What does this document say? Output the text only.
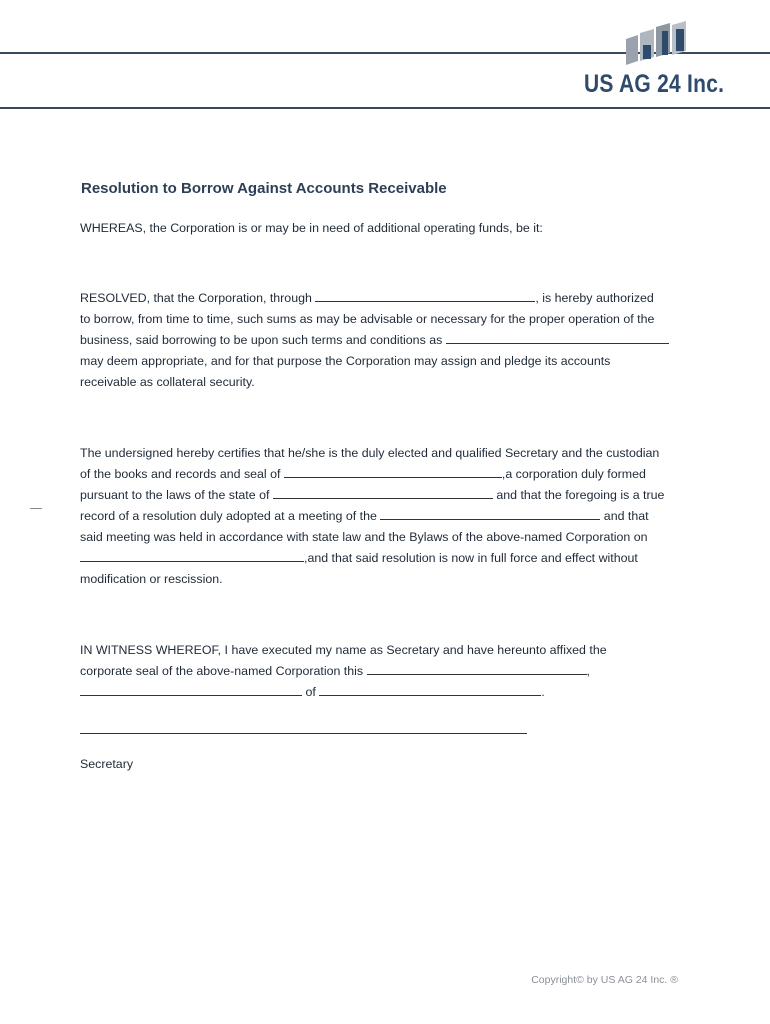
US AG 24 Inc.
Resolution to Borrow Against Accounts Receivable
WHEREAS, the Corporation is or may be in need of additional operating funds, be it:
RESOLVED, that the Corporation, through	, is hereby authorized
to borrow, from time to time, such sums as may be advisable or necessary for the proper operation of the
business, said borrowing to be upon such terms and conditions as
may deem appropriate, and for that purpose the Corporation may assign and pledge its accounts
receivable as collateral security.
The undersigned hereby certifies that he/she is the duly elected and qualified Secretary and the custodian
of the books and records and seal of	,a corporation duly formed
pursuant to the laws of the state of	and that the foregoing is a true
record of a resolution duly adopted at a meeting of the	and that
said meeting was held in accordance with state law and the Bylaws of the above-named Corporation on
,and that said resolution is now in full force and effect without
modification or rescission.
IN WITNESS WHEREOF, I have executed my name as Secretary and have hereunto affixed the
corporate seal of the above-named Corporation this	,
of	.
Secretary
Copyright© by US AG 24 Inc. ®
